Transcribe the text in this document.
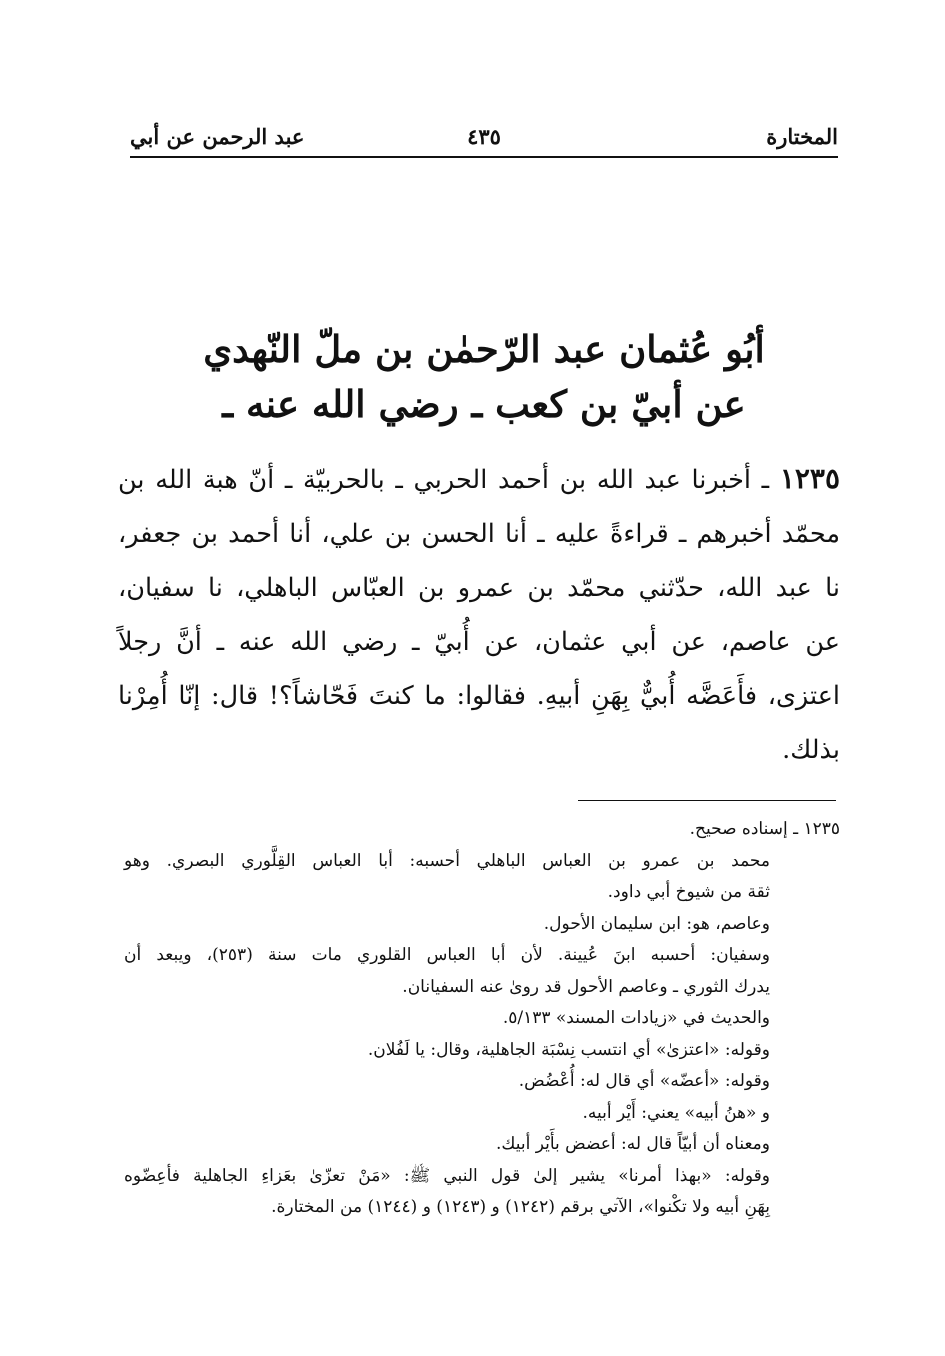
المختارة
٤٣٥
عبد الرحمن عن أبي
أبُو عُثمان عبد الرّحمٰن بن ملّ النّهدي
عن أبيّ بن كعب ـ رضي الله عنه ـ
١٢٣٥ ـ أخبرنا عبد الله بن أحمد الحربي ـ بالحربيّة ـ أنّ هبة الله بن
محمّد أخبرهم ـ قراءةً عليه ـ أنا الحسن بن علي، أنا أحمد بن جعفر،
نا عبد الله، حدّثني محمّد بن عمرو بن العبّاس الباهلي، نا سفيان،
عن عاصم، عن أبي عثمان، عن أُبيّ ـ رضي الله عنه ـ أنَّ رجلاً
اعتزى، فأَعَضَّه أُبيٌّ بِهَنِ أبيهِ. فقالوا: ما كنتَ فَحّاشاً؟! قال: إنّا أُمِرْنا
بذلك.
١٢٣٥ ـ إسناده صحيح.
محمد بن عمرو بن العباس الباهلي أحسبه: أبا العباس القِلَّوري البصري. وهو
ثقة من شيوخ أبي داود.
وعاصم، هو: ابن سليمان الأحول.
وسفيان: أحسبه ابنَ عُيينة. لأن أبا العباس القلوري مات سنة (٢٥٣)، ويبعد أن
يدرك الثوري ـ وعاصم الأحول قد روىٰ عنه السفيانان.
والحديث في «زيادات المسند» ٥/١٣٣.
وقوله: «اعتزىٰ» أي انتسب نِسْبَة الجاهلية، وقال: يا لَفُلان.
وقوله: «أعضّه» أي قال له: أُعْضُض.
و «هنُ أبيه» يعني: أَيْر أبيه.
ومعناه أن أبيّاً قال له: أعضض بأَيْر أبيك.
وقوله: «بهذا أمرنا» يشير إلىٰ قول النبي ﷺ: «مَنْ تعزّىٰ بعَزاءِ الجاهلية فأعِضّوه
بِهَنِ أبيه ولا تكْنوا»، الآتي برقم (١٢٤٢) و (١٢٤٣) و (١٢٤٤) من المختارة.
